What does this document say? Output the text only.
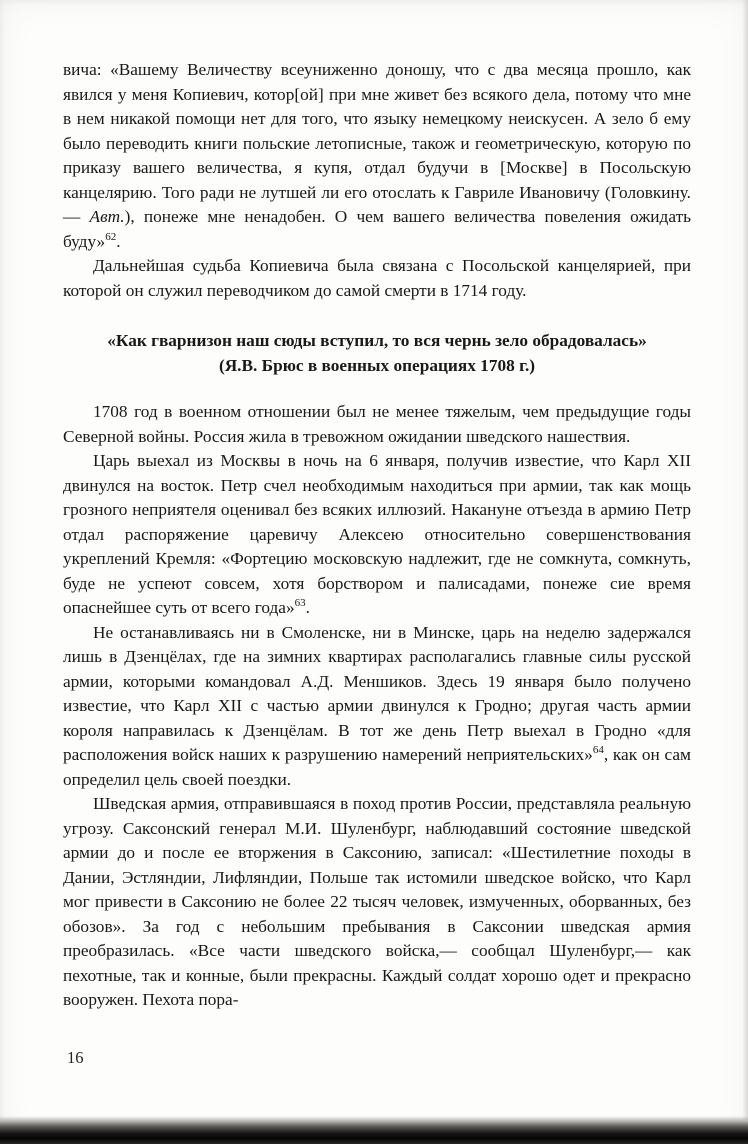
вича: «Вашему Величеству всеуниженно доношу, что с два месяца прошло, как явился у меня Копиевич, котор[ой] при мне живет без всякого дела, потому что мне в нем никакой помощи нет для того, что языку немецкому неискусен. А зело б ему было переводить книги польские летописные, також и геометрическую, которую по приказу вашего величества, я купя, отдал будучи в [Москве] в Посольскую канцелярию. Того ради не лутшей ли его отослать к Гавриле Ивановичу (Головкину. — Авт.), понеже мне ненадобен. О чем вашего величества повеления ожидать буду»$^{62}$.

Дальнейшая судьба Копиевича была связана с Посольской канцелярией, при которой он служил переводчиком до самой смерти в 1714 году.

«Как гварнизон наш сюды вступил, то вся чернь зело обрадовалась»
(Я.В. Брюс в военных операциях 1708 г.)

1708 год в военном отношении был не менее тяжелым, чем предыдущие годы Северной войны. Россия жила в тревожном ожидании шведского нашествия.

Царь выехал из Москвы в ночь на 6 января, получив известие, что Карл XII двинулся на восток. Петр счел необходимым находиться при армии, так как мощь грозного неприятеля оценивал без всяких иллюзий. Накануне отъезда в армию Петр отдал распоряжение царевичу Алексею относительно совершенствования укреплений Кремля: «Фортецию московскую надлежит, где не сомкнута, сомкнуть, буде не успеют совсем, хотя борствором и палисадами, понеже сие время опаснейшее суть от всего года»$^{63}$.

Не останавливаясь ни в Смоленске, ни в Минске, царь на неделю задержался лишь в Дзенцёлах, где на зимних квартирах располагались главные силы русской армии, которыми командовал А.Д. Меншиков. Здесь 19 января было получено известие, что Карл XII с частью армии двинулся к Гродно; другая часть армии короля направилась к Дзенцёлам. В тот же день Петр выехал в Гродно «для расположения войск наших к разрушению намерений неприятельских»$^{64}$, как он сам определил цель своей поездки.

Шведская армия, отправившаяся в поход против России, представляла реальную угрозу. Саксонский генерал М.И. Шуленбург, наблюдавший состояние шведской армии до и после ее вторжения в Саксонию, записал: «Шестилетние походы в Дании, Эстляндии, Лифляндии, Польше так истомили шведское войско, что Карл мог привести в Саксонию не более 22 тысяч человек, измученных, оборванных, без обозов». За год с небольшим пребывания в Саксонии шведская армия преобразилась. «Все части шведского войска,— сообщал Шуленбург,— как пехотные, так и конные, были прекрасны. Каждый солдат хорошо одет и прекрасно вооружен. Пехота пора-

16
